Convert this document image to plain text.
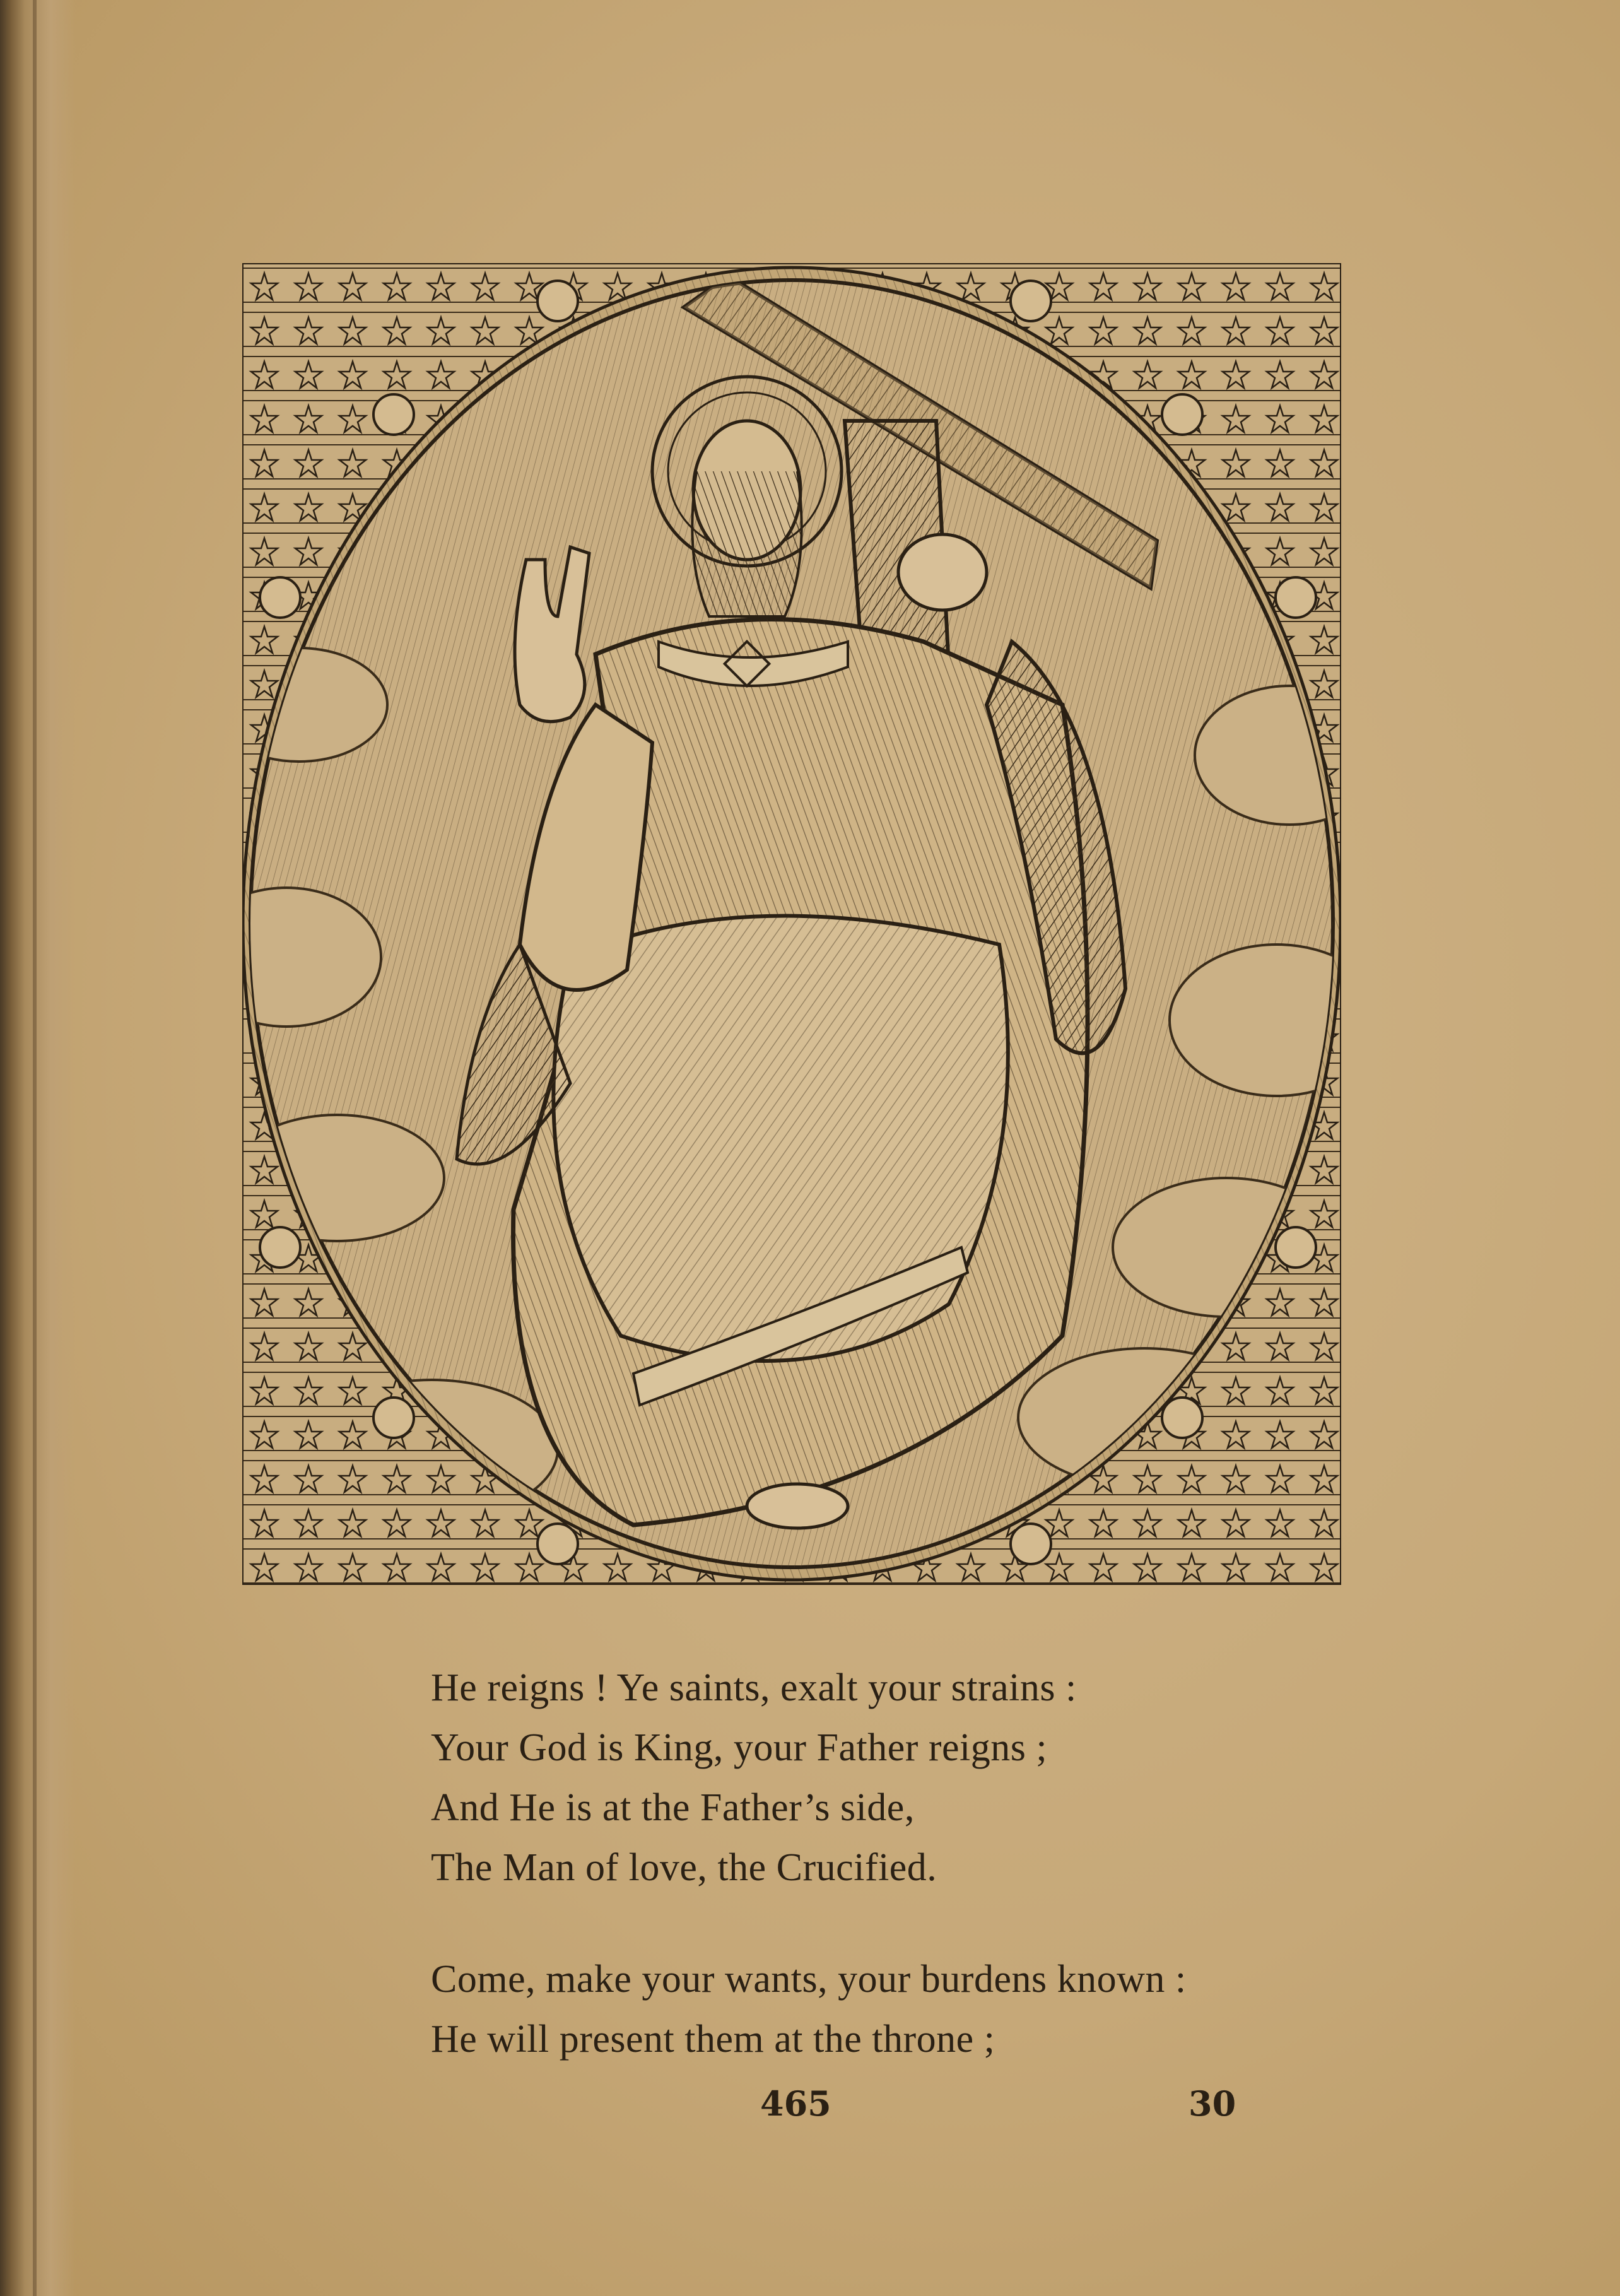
He reigns ! Ye saints, exalt your strains :

Your God is King, your Father reigns ;

And He is at the Father’s side,

The Man of love, the Crucified.

Come, make your wants, your burdens known :

He will present them at the throne ;

465	30
